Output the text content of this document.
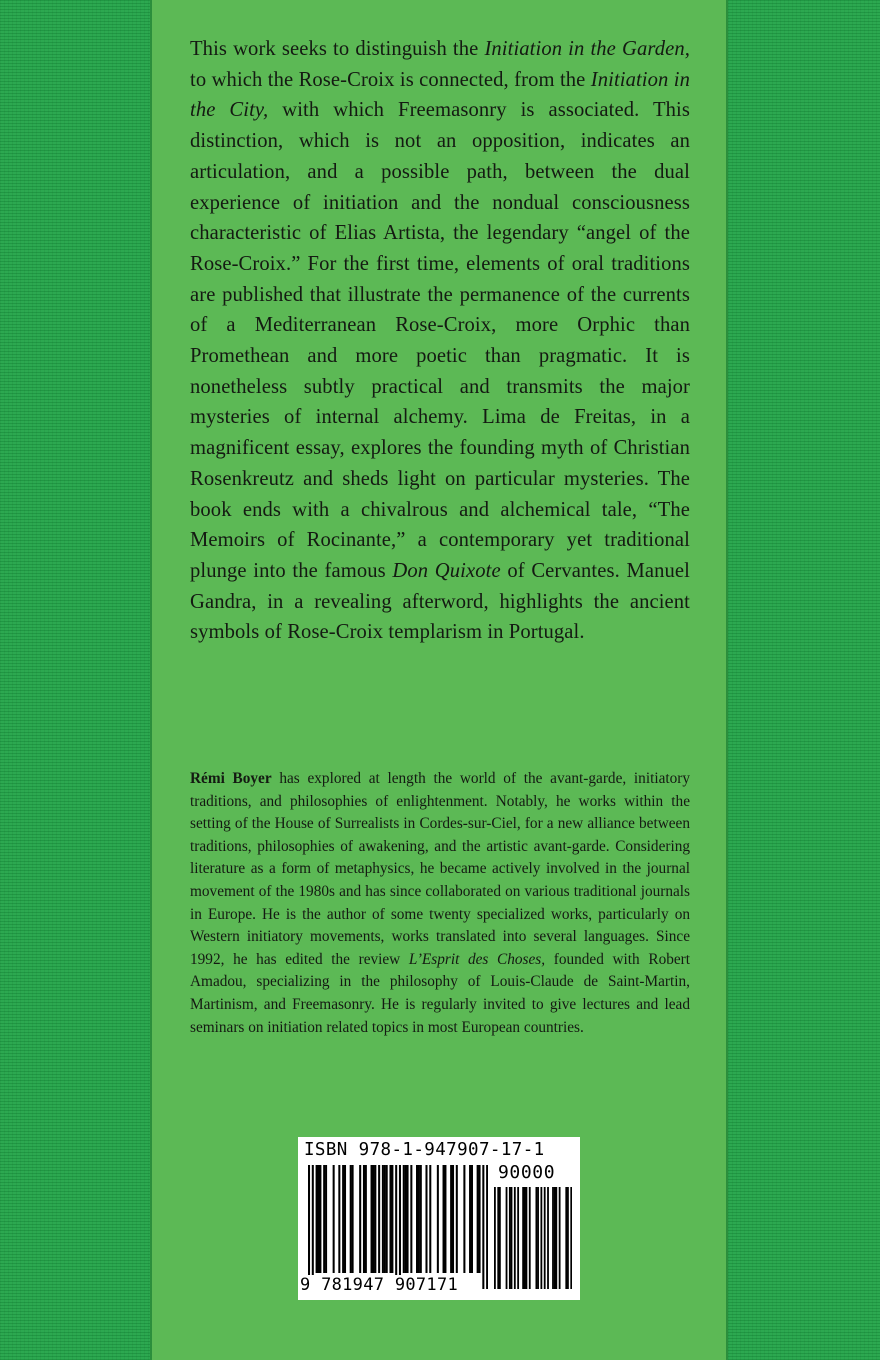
This work seeks to distinguish the Initiation in the Garden, to which the Rose-Croix is connected, from the Initiation in the City, with which Freemasonry is associated. This distinction, which is not an opposition, indicates an articulation, and a possible path, between the dual experience of initiation and the nondual consciousness characteristic of Elias Artista, the legendary “angel of the Rose-Croix.” For the first time, elements of oral traditions are published that illustrate the permanence of the currents of a Mediterranean Rose-Croix, more Orphic than Promethean and more poetic than pragmatic. It is nonetheless subtly practical and transmits the major mysteries of internal alchemy. Lima de Freitas, in a magnificent essay, explores the founding myth of Christian Rosenkreutz and sheds light on particular mysteries. The book ends with a chivalrous and alchemical tale, “The Memoirs of Rocinante,” a contemporary yet traditional plunge into the famous Don Quixote of Cervantes. Manuel Gandra, in a revealing afterword, highlights the ancient symbols of Rose-Croix templarism in Portugal.

Rémi Boyer has explored at length the world of the avant-garde, initiatory traditions, and philosophies of enlightenment. Notably, he works within the setting of the House of Surrealists in Cordes-sur-Ciel, for a new alliance between traditions, philosophies of awakening, and the artistic avant-garde. Considering literature as a form of metaphysics, he became actively involved in the journal movement of the 1980s and has since collaborated on various traditional journals in Europe. He is the author of some twenty specialized works, particularly on Western initiatory movements, works translated into several languages. Since 1992, he has edited the review L’Esprit des Choses, founded with Robert Amadou, specializing in the philosophy of Louis-Claude de Saint-Martin, Martinism, and Freemasonry. He is regularly invited to give lectures and lead seminars on initiation related topics in most European countries.

ISBN 978-1-947907-17-1
90000
9 781947 907171
